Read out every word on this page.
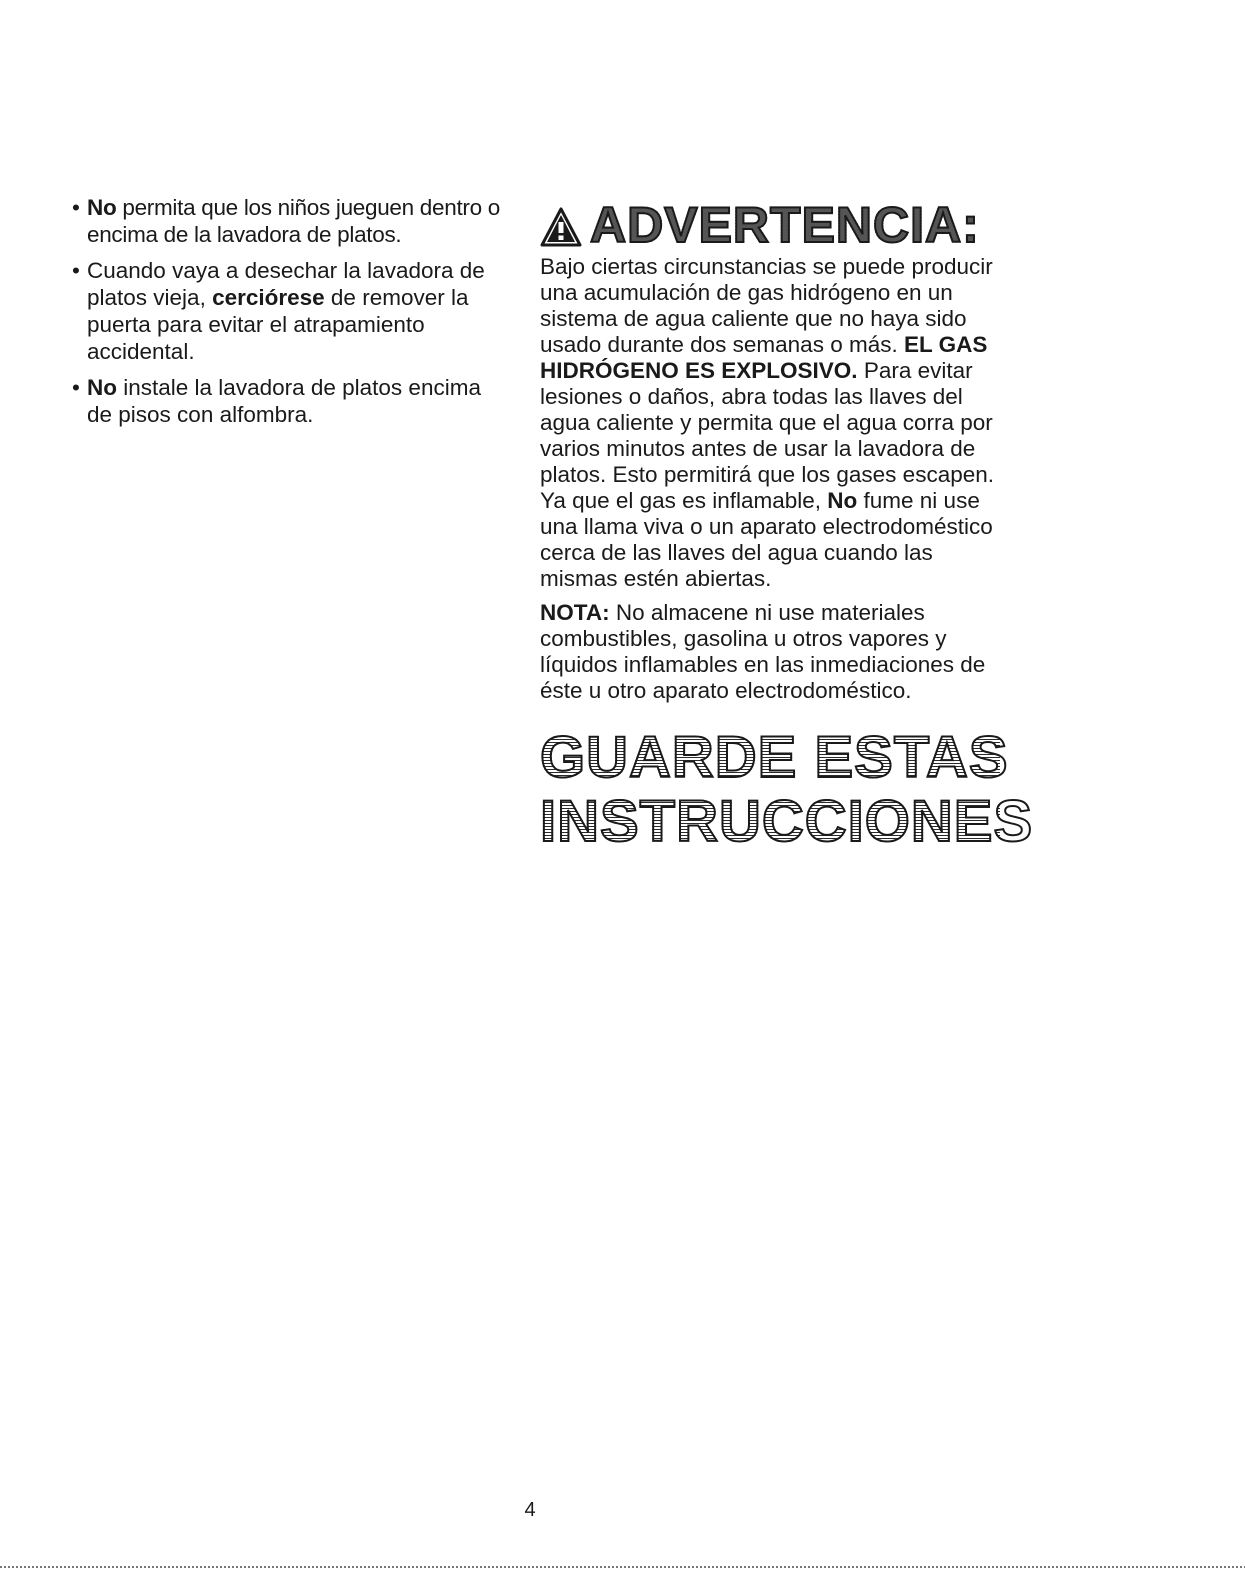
• No permita que los niños jueguen dentro o encima de la lavadora de platos.
• Cuando vaya a desechar la lavadora de platos vieja, cerciórese de remover la puerta para evitar el atrapamiento accidental.
• No instale la lavadora de platos encima de pisos con alfombra.
ADVERTENCIA:

Bajo ciertas circunstancias se puede producir una acumulación de gas hidrógeno en un sistema de agua caliente que no haya sido usado durante dos semanas o más. EL GAS HIDRÓGENO ES EXPLOSIVO. Para evitar lesiones o daños, abra todas las llaves del agua caliente y permita que el agua corra por varios minutos antes de usar la lavadora de platos. Esto permitirá que los gases escapen. Ya que el gas es inflamable, No fume ni use una llama viva o un aparato electrodoméstico cerca de las llaves del agua cuando las mismas estén abiertas.

NOTA: No almacene ni use materiales combustibles, gasolina u otros vapores y líquidos inflamables en las inmediaciones de éste u otro aparato electrodoméstico.

GUARDE ESTAS
INSTRUCCIONES
4
